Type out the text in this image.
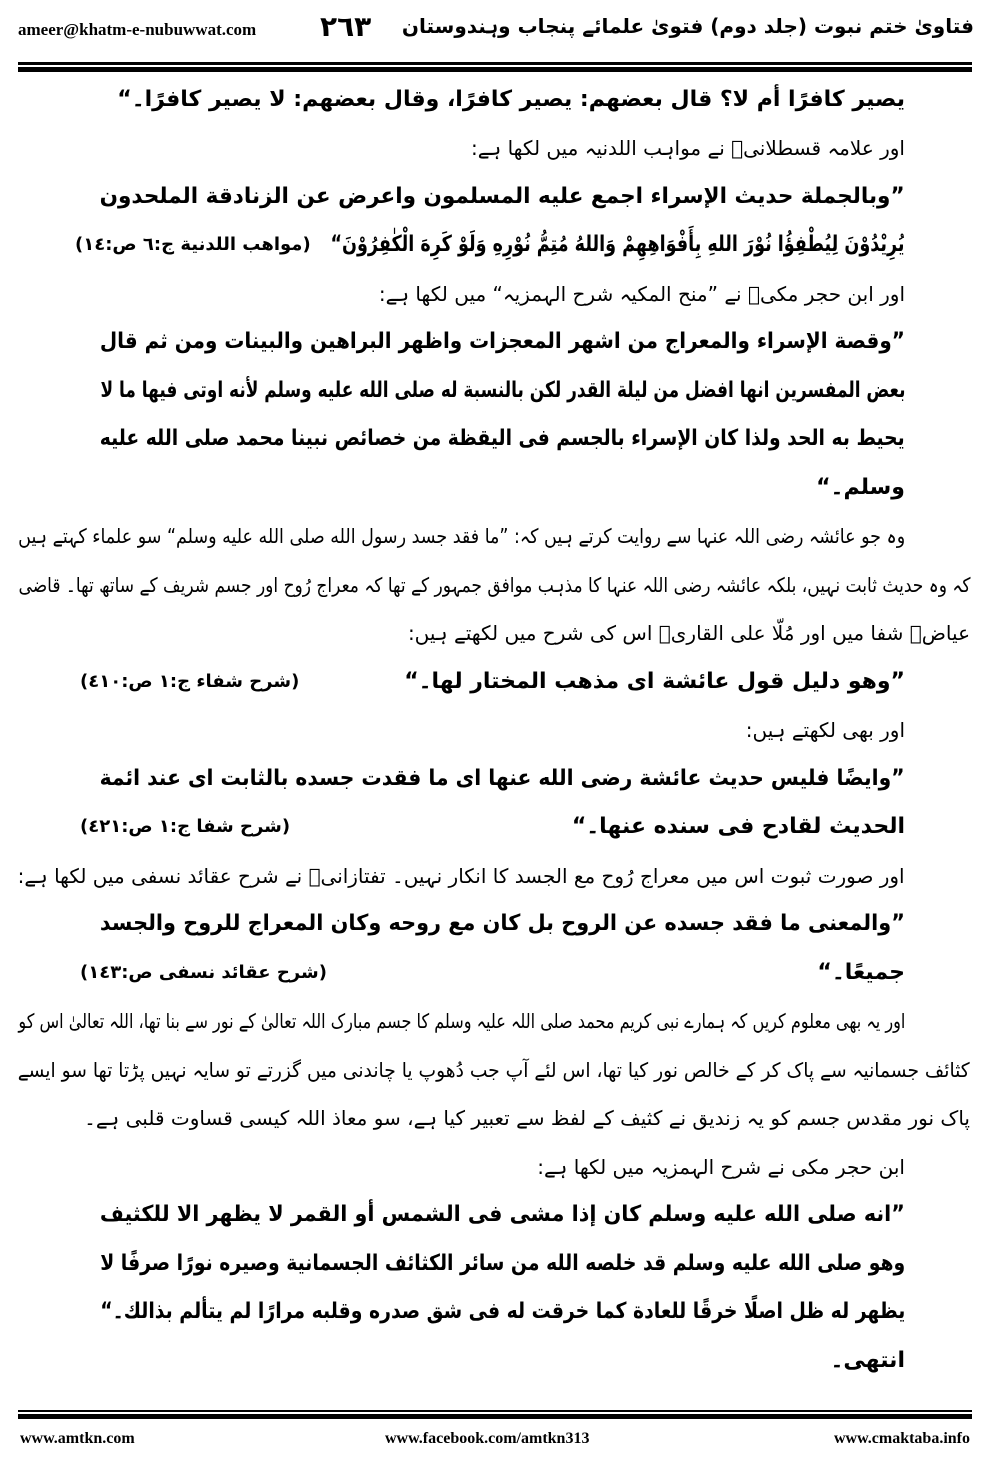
فتاویٰ ختم نبوت (جلد دوم) فتویٰ علمائے پنجاب وہندوستان
٢٦٣
ameer@khatm-e-nubuwwat.com
يصير كافرًا أم لا؟ قال بعضهم: يصير كافرًا، وقال بعضهم: لا يصير كافرًا۔“
اور علامہ قسطلانیؒ نے مواہب اللدنیہ میں لکھا ہے:
”وبالجملة حديث الإسراء اجمع عليه المسلمون واعرض عن الزنادقة الملحدون
يُرِيْدُوْنَ لِيُطْفِؤُا نُوْرَ اللهِ بِأَفْوَاهِهِمْ وَاللهُ مُتِمُّ نُوْرِهِ وَلَوْ كَرِهَ الْكٰفِرُوْنَ“
(مواهب اللدنية ج:٦ ص:١٤)
اور ابن حجر مکیؒ نے ”منح المکیہ شرح الہمزیہ“ میں لکھا ہے:
”وقصة الإسراء والمعراج من اشهر المعجزات واظهر البراهين والبينات ومن ثم قال
بعض المفسرين انها افضل من ليلة القدر لكن بالنسبة له صلى الله عليه وسلم لأنه اوتى فيها ما لا
يحيط به الحد ولذا كان الإسراء بالجسم فى اليقظة من خصائص نبينا محمد صلى الله عليه
وسلم۔“
وہ جو عائشہ رضی اللہ عنہا سے روایت کرتے ہیں کہ: ”ما فقد جسد رسول الله صلى الله عليه وسلم“ سو علماء کہتے ہیں
کہ وہ حدیث ثابت نہیں، بلکہ عائشہ رضی اللہ عنہا کا مذہب موافق جمہور کے تھا کہ معراج رُوح اور جسم شریف کے ساتھ تھا۔ قاضی
عیاضؒ شفا میں اور مُلّا علی القاریؒ اس کی شرح میں لکھتے ہیں:
”وهو دليل قول عائشة اى مذهب المختار لها۔“
(شرح شفاء ج:١ ص:٤١٠)
اور بھی لکھتے ہیں:
”وايضًا فليس حديث عائشة رضى الله عنها اى ما فقدت جسده بالثابت اى عند ائمة
الحديث لقادح فى سنده عنها۔“
(شرح شفا ج:١ ص:٤٢١)
اور صورت ثبوت اس میں معراج رُوح مع الجسد کا انکار نہیں۔ تفتازانیؒ نے شرح عقائد نسفی میں لکھا ہے:
”والمعنى ما فقد جسده عن الروح بل كان مع روحه وكان المعراج للروح والجسد
جميعًا۔“
(شرح عقائد نسفی ص:١٤٣)
اور یہ بھی معلوم کریں کہ ہمارے نبی کریم محمد صلی اللہ علیہ وسلم کا جسم مبارک اللہ تعالیٰ کے نور سے بنا تھا، اللہ تعالیٰ اس کو
کثائف جسمانیہ سے پاک کر کے خالص نور کیا تھا، اس لئے آپ جب دُھوپ یا چاندنی میں گزرتے تو سایہ نہیں پڑتا تھا سو ایسے
پاک نور مقدس جسم کو یہ زندیق نے کثیف کے لفظ سے تعبیر کیا ہے، سو معاذ اللہ کیسی قساوت قلبی ہے۔
ابن حجر مکی نے شرح الہمزیہ میں لکھا ہے:
”انه صلى الله عليه وسلم كان إذا مشى فى الشمس أو القمر لا يظهر الا للكثيف
وهو صلى الله عليه وسلم قد خلصه الله من سائر الكثائف الجسمانية وصيره نورًا صرفًا لا
يظهر له ظل اصلًا خرقًا للعادة كما خرقت له فى شق صدره وقلبه مرارًا لم يتألم بذالك۔“
انتهى۔
www.amtkn.com	www.facebook.com/amtkn313	www.cmaktaba.info
